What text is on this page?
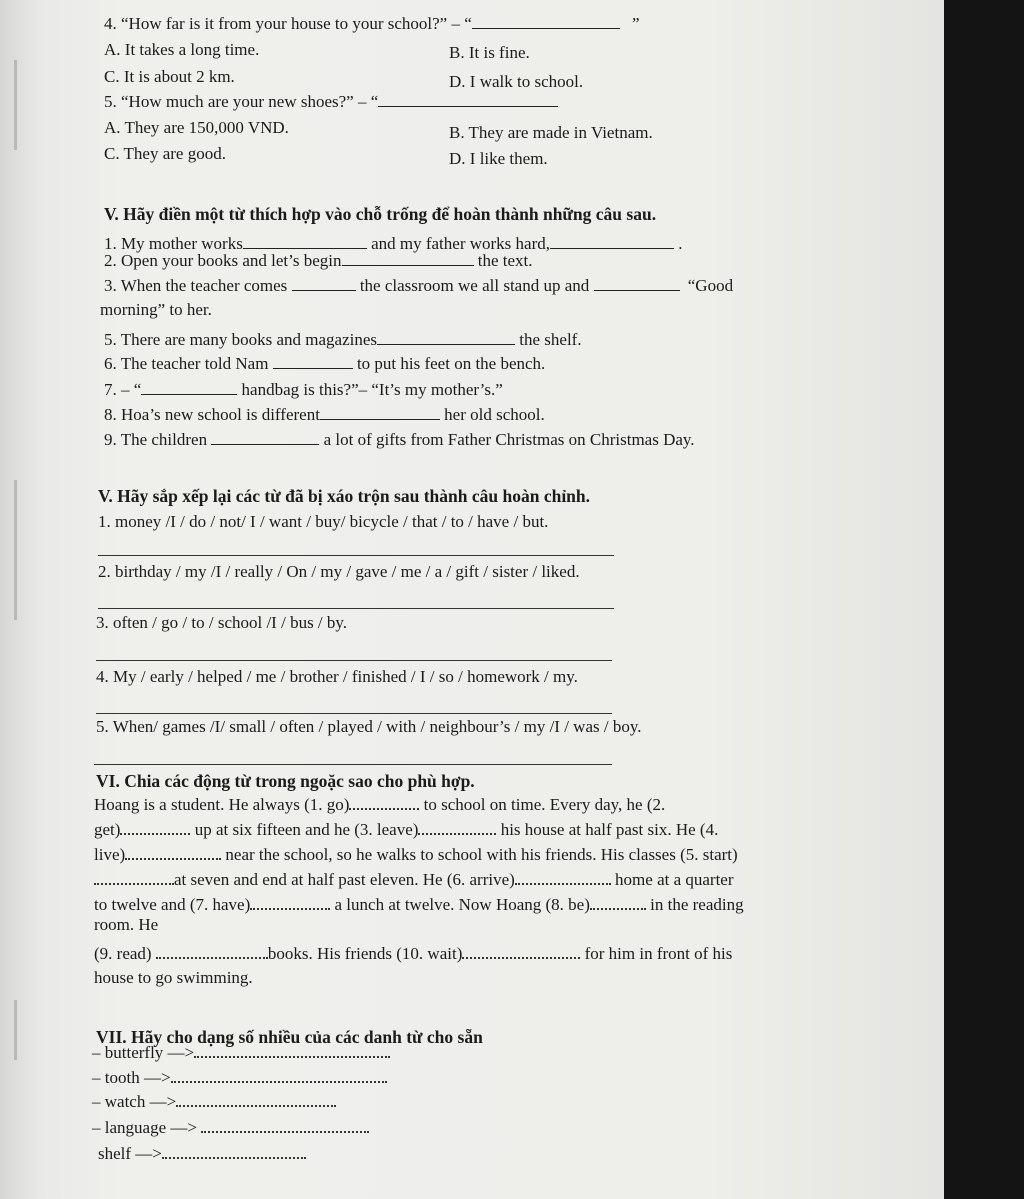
4. “How far is it from your house to your school?” – “	”
A. It takes a long time.	B. It is fine.
C. It is about 2 km.	D. I walk to school.
5. “How much are your new shoes?” – “
A. They are 150,000 VND.	B. They are made in Vietnam.
C. They are good.	D. I like them.
V. Hãy điền một từ thích hợp vào chỗ trống để hoàn thành những câu sau.
1. My mother works	and my father works hard,	.
2. Open your books and let’s begin	the text.
3. When the teacher comes	the classroom we all stand up and	“Good
morning” to her.
5. There are many books and magazines	the shelf.
6. The teacher told Nam	to put his feet on the bench.
7. – “	handbag is this?”– “It’s my mother’s.”
8. Hoa’s new school is different	her old school.
9. The children	a lot of gifts from Father Christmas on Christmas Day.
V. Hãy sắp xếp lại các từ đã bị xáo trộn sau thành câu hoàn chỉnh.
1. money /I / do / not/ I / want / buy/ bicycle / that / to / have / but.
2. birthday / my /I / really / On / my / gave / me / a / gift / sister / liked.
3. often / go / to / school /I / bus / by.
4. My / early / helped / me / brother / finished / I / so / homework / my.
5. When/ games /I/ small / often / played / with / neighbour’s / my /I / was / boy.
VI. Chia các động từ trong ngoặc sao cho phù hợp.
Hoang is a student. He always (1. go)	to school on time. Every day, he (2.
get)	up at six fifteen and he (3. leave)	his house at half past six. He (4.
live)	near the school, so he walks to school with his friends. His classes (5. start)
at seven and end at half past eleven. He (6. arrive)	home at a quarter
to twelve and (7. have)	a lunch at twelve. Now Hoang (8. be)	in the reading
room. He
(9. read)	books. His friends (10. wait)	for him in front of his
house to go swimming.
VII. Hãy cho dạng số nhiều của các danh từ cho sẵn
– butterfly —>
– tooth —>
– watch —>
– language —>
shelf —>
